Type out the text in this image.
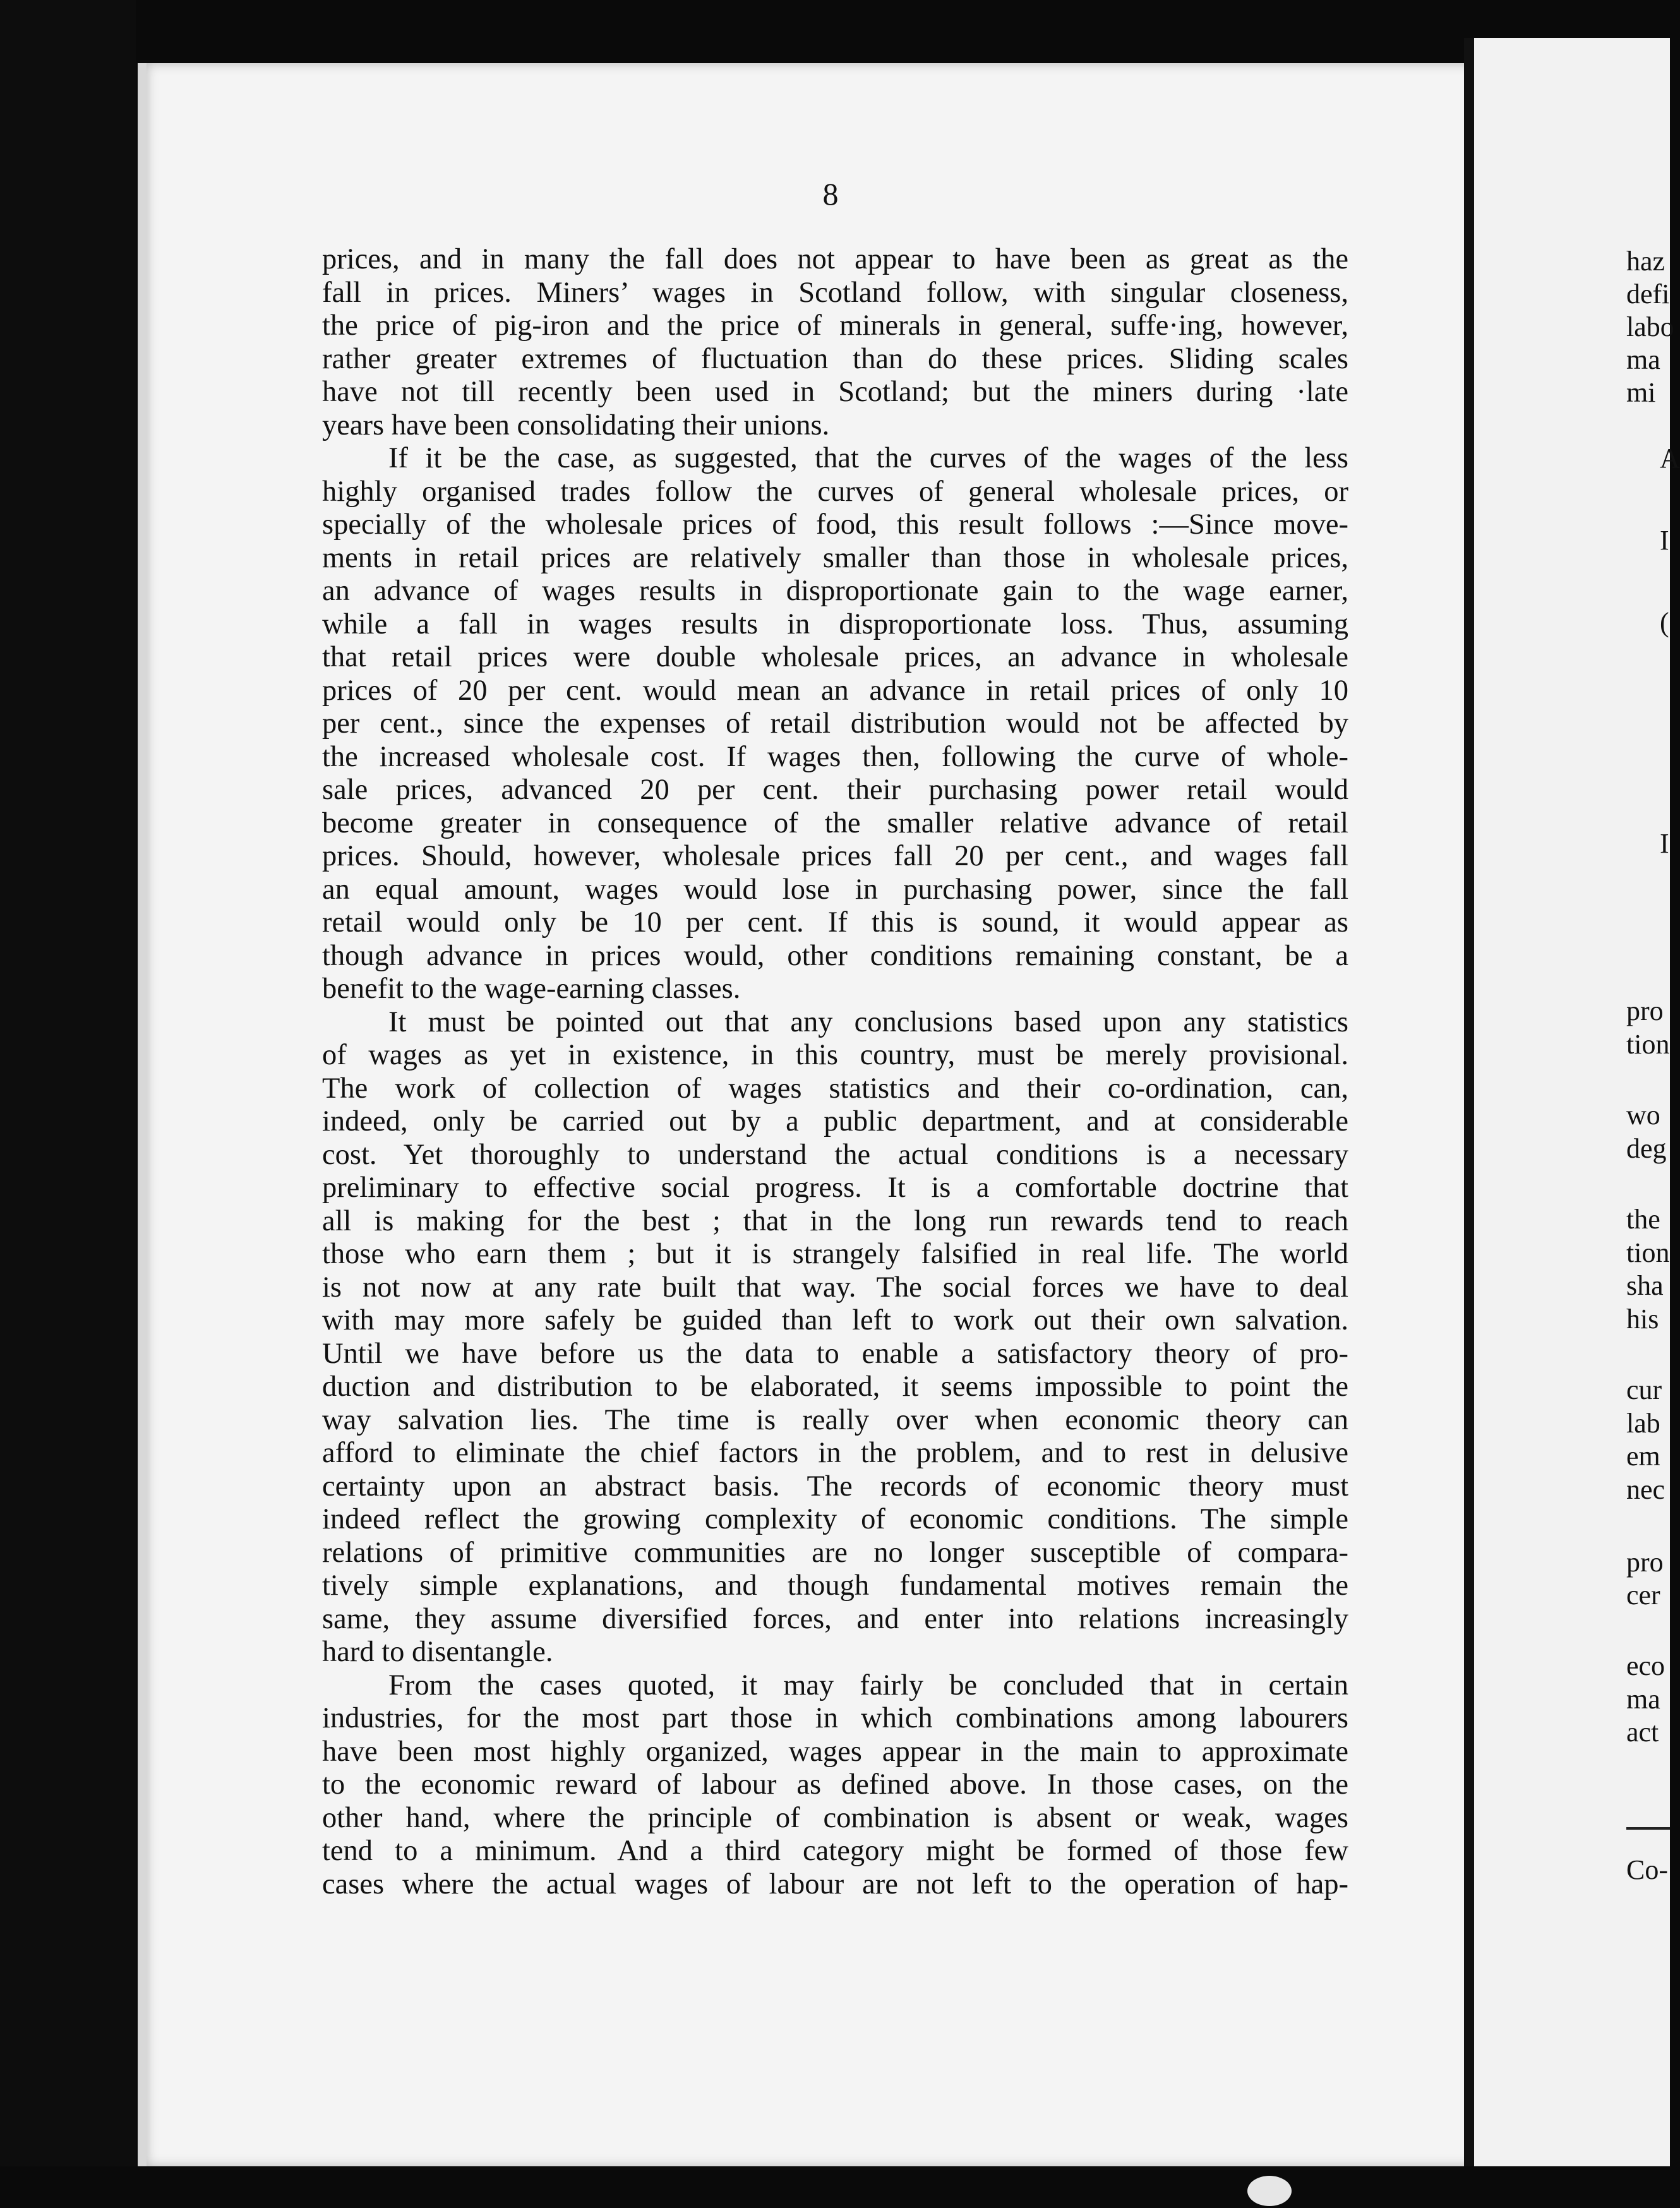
8
prices, and in many the fall does not appear to have been as great as the
fall in prices. Miners’ wages in Scotland follow, with singular closeness,
the price of pig-iron and the price of minerals in general, suffe·ing, however,
rather greater extremes of fluctuation than do these prices. Sliding scales
have not till recently been used in Scotland; but the miners during ·late
years have been consolidating their unions.
If it be the case, as suggested, that the curves of the wages of the less
highly organised trades follow the curves of general wholesale prices, or
specially of the wholesale prices of food, this result follows :—Since move-
ments in retail prices are relatively smaller than those in wholesale prices,
an advance of wages results in disproportionate gain to the wage earner,
while a fall in wages results in disproportionate loss. Thus, assuming
that retail prices were double wholesale prices, an advance in wholesale
prices of 20 per cent. would mean an advance in retail prices of only 10
per cent., since the expenses of retail distribution would not be affected by
the increased wholesale cost. If wages then, following the curve of whole-
sale prices, advanced 20 per cent. their purchasing power retail would
become greater in consequence of the smaller relative advance of retail
prices. Should, however, wholesale prices fall 20 per cent., and wages fall
an equal amount, wages would lose in purchasing power, since the fall
retail would only be 10 per cent. If this is sound, it would appear as
though advance in prices would, other conditions remaining constant, be a
benefit to the wage-earning classes.
It must be pointed out that any conclusions based upon any statistics
of wages as yet in existence, in this country, must be merely provisional.
The work of collection of wages statistics and their co-ordination, can,
indeed, only be carried out by a public department, and at considerable
cost. Yet thoroughly to understand the actual conditions is a necessary
preliminary to effective social progress. It is a comfortable doctrine that
all is making for the best ; that in the long run rewards tend to reach
those who earn them ; but it is strangely falsified in real life. The world
is not now at any rate built that way. The social forces we have to deal
with may more safely be guided than left to work out their own salvation.
Until we have before us the data to enable a satisfactory theory of pro-
duction and distribution to be elaborated, it seems impossible to point the
way salvation lies. The time is really over when economic theory can
afford to eliminate the chief factors in the problem, and to rest in delusive
certainty upon an abstract basis. The records of economic theory must
indeed reflect the growing complexity of economic conditions. The simple
relations of primitive communities are no longer susceptible of compara-
tively simple explanations, and though fundamental motives remain the
same, they assume diversified forces, and enter into relations increasingly
hard to disentangle.
From the cases quoted, it may fairly be concluded that in certain
industries, for the most part those in which combinations among labourers
have been most highly organized, wages appear in the main to approximate
to the economic reward of labour as defined above. In those cases, on the
other hand, where the principle of combination is absent or weak, wages
tend to a minimum. And a third category might be formed of those few
cases where the actual wages of labour are not left to the operation of hap-
haz
defi
labo
ma
mi
A
I
(
I
pro
tion
wo
deg
the
tion
sha
his
cur
lab
em
nec
pro
cer
eco
ma
act
Co-
